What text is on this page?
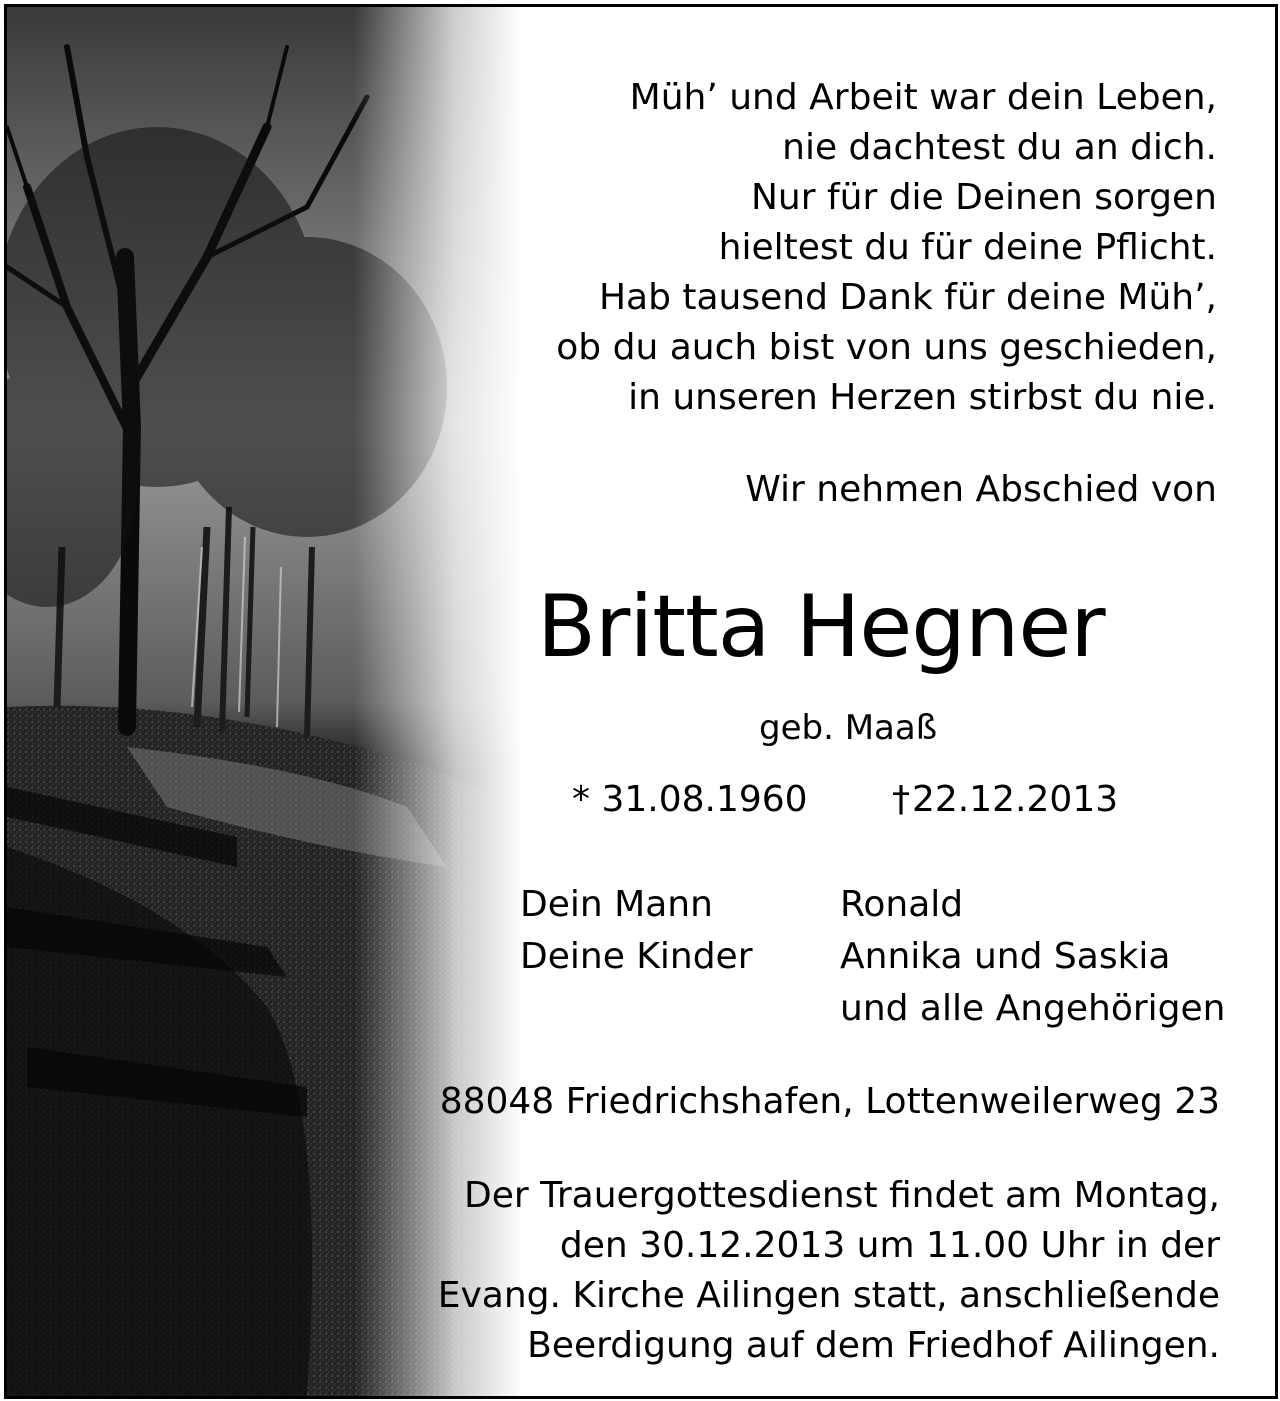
Müh’ und Arbeit war dein Leben,
nie dachtest du an dich.
Nur für die Deinen sorgen
hieltest du für deine Pflicht.
Hab tausend Dank für deine Müh’,
ob du auch bist von uns geschieden,
in unseren Herzen stirbst du nie.
Wir nehmen Abschied von
Britta Hegner
geb. Maaß
* 31.08.1960 †22.12.2013
Dein Mann
Deine Kinder
Ronald
Annika und Saskia
und alle Angehörigen
88048 Friedrichshafen, Lottenweilerweg 23
Der Trauergottesdienst findet am Montag,
den 30.12.2013 um 11.00 Uhr in der
Evang. Kirche Ailingen statt, anschließende
Beerdigung auf dem Friedhof Ailingen.
